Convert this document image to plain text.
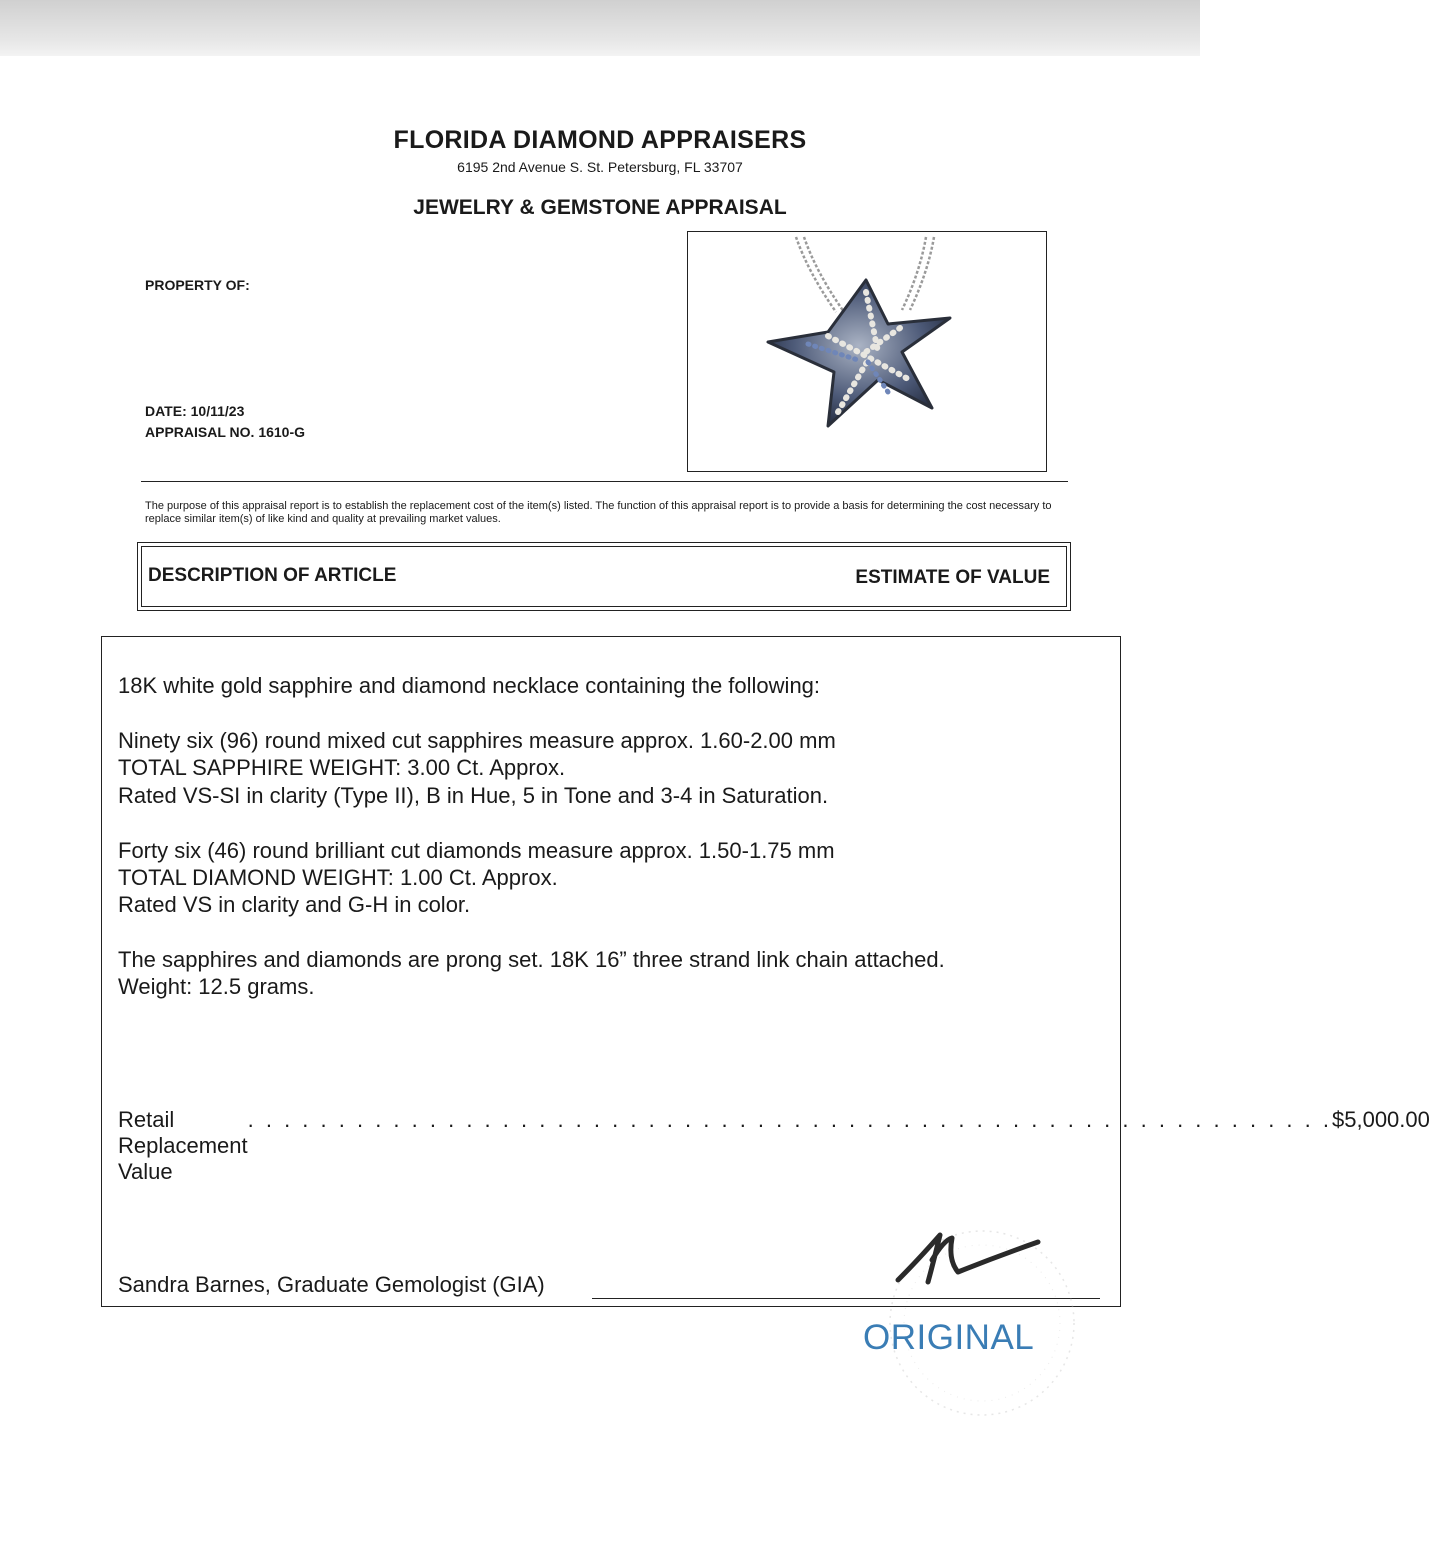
FLORIDA DIAMOND APPRAISERS
6195 2nd Avenue S. St. Petersburg, FL 33707
JEWELRY & GEMSTONE APPRAISAL
PROPERTY OF:
DATE: 10/11/23
APPRAISAL NO. 1610-G
The purpose of this appraisal report is to establish the replacement cost of the item(s) listed. The function of this appraisal report is to provide a basis for determining the cost necessary to replace similar item(s) of like kind and quality at prevailing market values.
DESCRIPTION OF ARTICLE	ESTIMATE OF VALUE
18K white gold sapphire and diamond necklace containing the following:
Ninety six (96) round mixed cut sapphires measure approx. 1.60-2.00 mm
TOTAL SAPPHIRE WEIGHT: 3.00 Ct. Approx.
Rated VS-SI in clarity (Type II), B in Hue, 5 in Tone and 3-4 in Saturation.
Forty six (46) round brilliant cut diamonds measure approx. 1.50-1.75 mm
TOTAL DIAMOND WEIGHT: 1.00 Ct. Approx.
Rated VS in clarity and G-H in color.
The sapphires and diamonds are prong set. 18K 16” three strand link chain attached.
Weight: 12.5 grams.
Retail Replacement Value
. . . . . . . . . . . . . . . . . . . . . . . . . . . . . . . . . . . . . . . . . . . . . . . . . . . . . . . . . . . . $5,000.00
Sandra Barnes, Graduate Gemologist (GIA)
ORIGINAL
